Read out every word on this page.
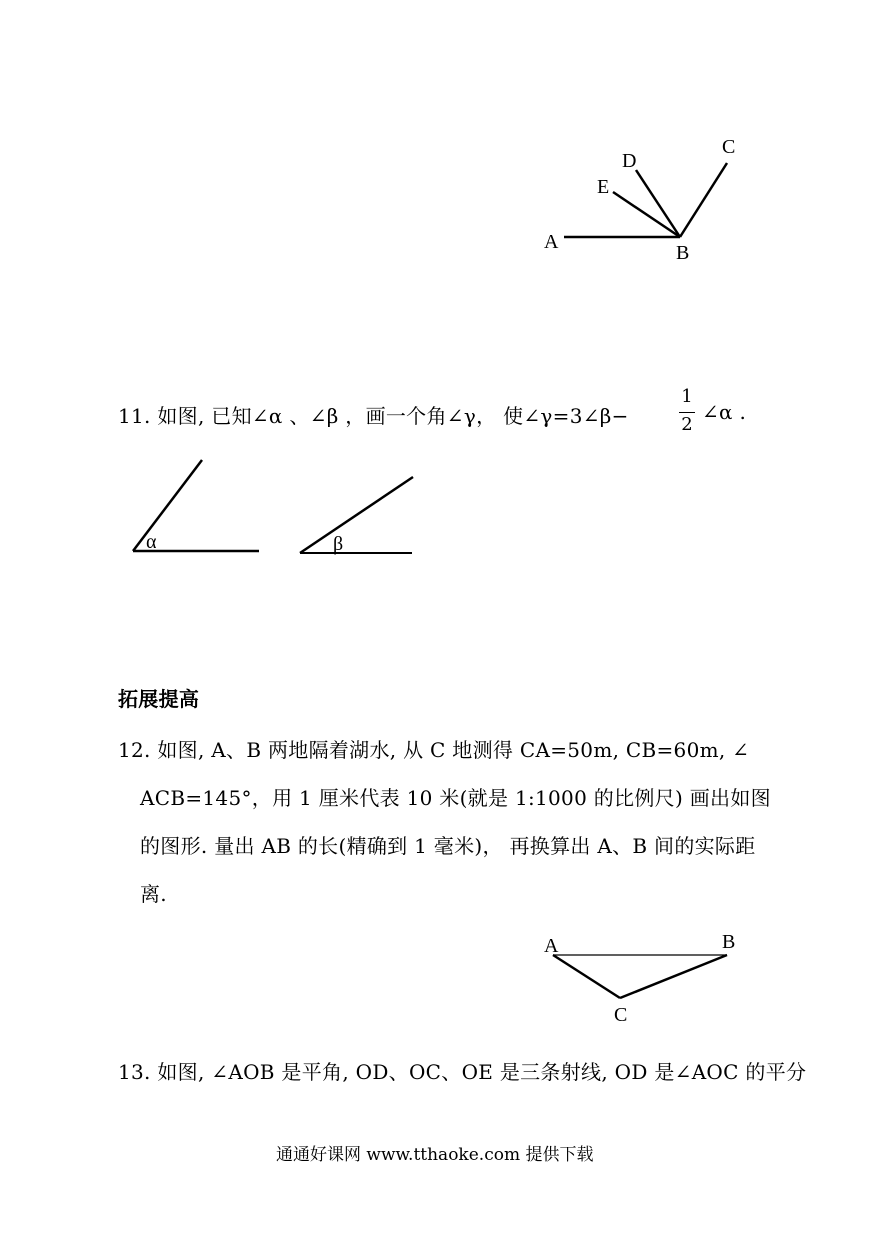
A	B
C
D
E
α	β
A	B
C
11. 如图, 已知∠α 、∠β ，画一个角∠γ， 使∠γ=3∠β−
1
2
∠α .
拓展提高
12. 如图, A、B 两地隔着湖水, 从 C 地测得 CA=50m, CB=60m, ∠
ACB=145°，用 1 厘米代表 10 米(就是 1:1000 的比例尺) 画出如图
的图形. 量出 AB 的长(精确到 1 毫米)， 再换算出 A、B 间的实际距
离.
13. 如图, ∠AOB 是平角, OD、OC、OE 是三条射线, OD 是∠AOC 的平分
通通好课网 www.tthaoke.com 提供下载
